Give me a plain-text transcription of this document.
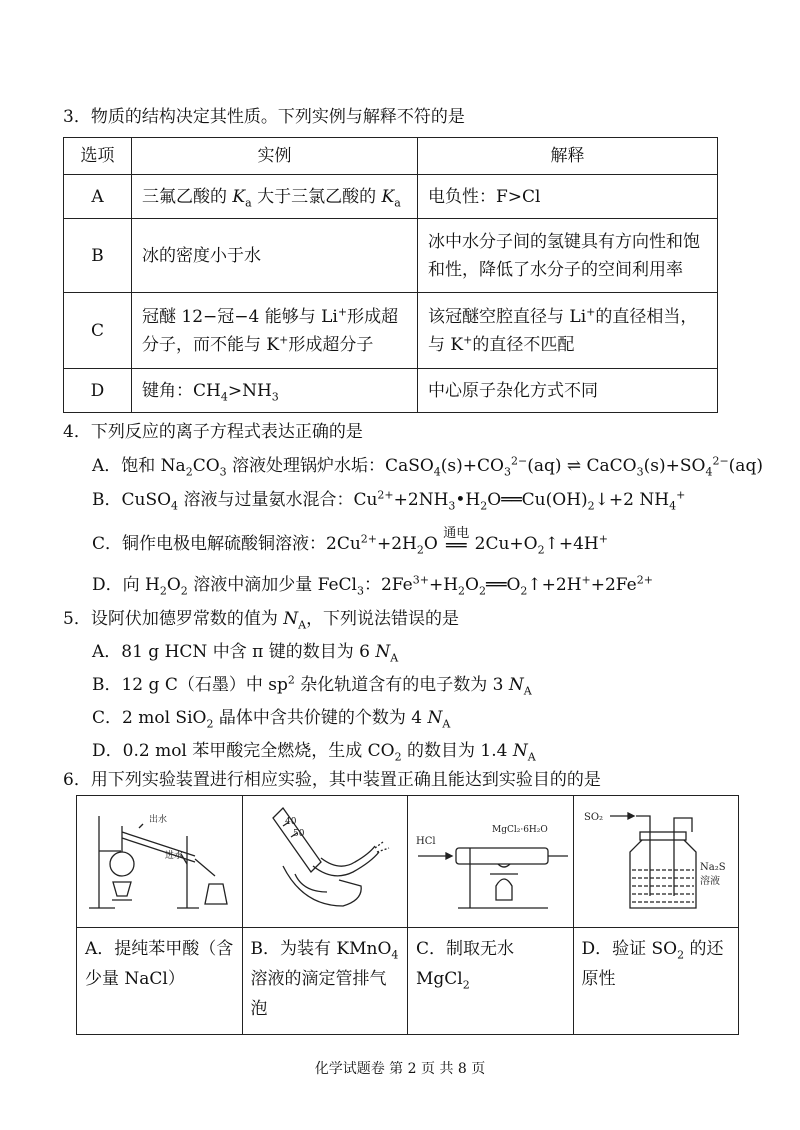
3．物质的结构决定其性质。下列实例与解释不符的是
选项	实例	解释
A	三氟乙酸的 $K_a$ 大于三氯乙酸的 $K_a$	电负性：F>Cl
B	冰的密度小于水	冰中水分子间的氢键具有方向性和饱和性，降低了水分子的空间利用率
C	冠醚 12−冠−4 能够与 Li+形成超分子，而不能与 K+形成超分子	该冠醚空腔直径与 Li+的直径相当，与 K+的直径不匹配
D	键角：$CH_4>NH_3$	中心原子杂化方式不同
4．下列反应的离子方程式表达正确的是
A．饱和 $Na_2CO_3$ 溶液处理锅炉水垢：$CaSO_4(s)+CO_3^{2-}(aq)$ ⇌ $CaCO_3(s)+SO_4^{2-}(aq)$
B．CuSO$_4$ 溶液与过量氨水混合：$Cu^{2+}+2NH_3•H_2O══Cu(OH)_2↓+2$ $NH_4^+$
C．铜作电极电解硫酸铜溶液：$2Cu^{2+}+2H_2O$ 通电
══ $2Cu+O_2↑+4H^+$
D．向 $H_2O_2$ 溶液中滴加少量 FeCl$_3$：$2Fe^{3+}+H_2O_2══O_2↑+2H^++2Fe^{2+}$
5．设阿伏加德罗常数的值为 $N_A$，下列说法错误的是
A．81 g HCN 中含 π 键的数目为 6 $N_A$
B．12 g C（石墨）中 $sp^2$ 杂化轨道含有的电子数为 3 $N_A$
C．2 mol SiO$_2$ 晶体中含共价键的个数为 4 $N_A$
D．0.2 mol 苯甲酸完全燃烧，生成 $CO_2$ 的数目为 1.4 $N_A$
6．用下列实验装置进行相应实验，其中装置正确且能达到实验目的的是
出水
进水	40
50	HCl
MgCl₂·6H₂O	SO₂
Na₂S
溶液

A．提纯苯甲酸（含少量 NaCl）	B．为装有 KMnO$_4$ 溶液的滴定管排气泡	C．制取无水 MgCl$_2$	D．验证 $SO_2$ 的还原性
化学试题卷 第 2 页 共 8 页
